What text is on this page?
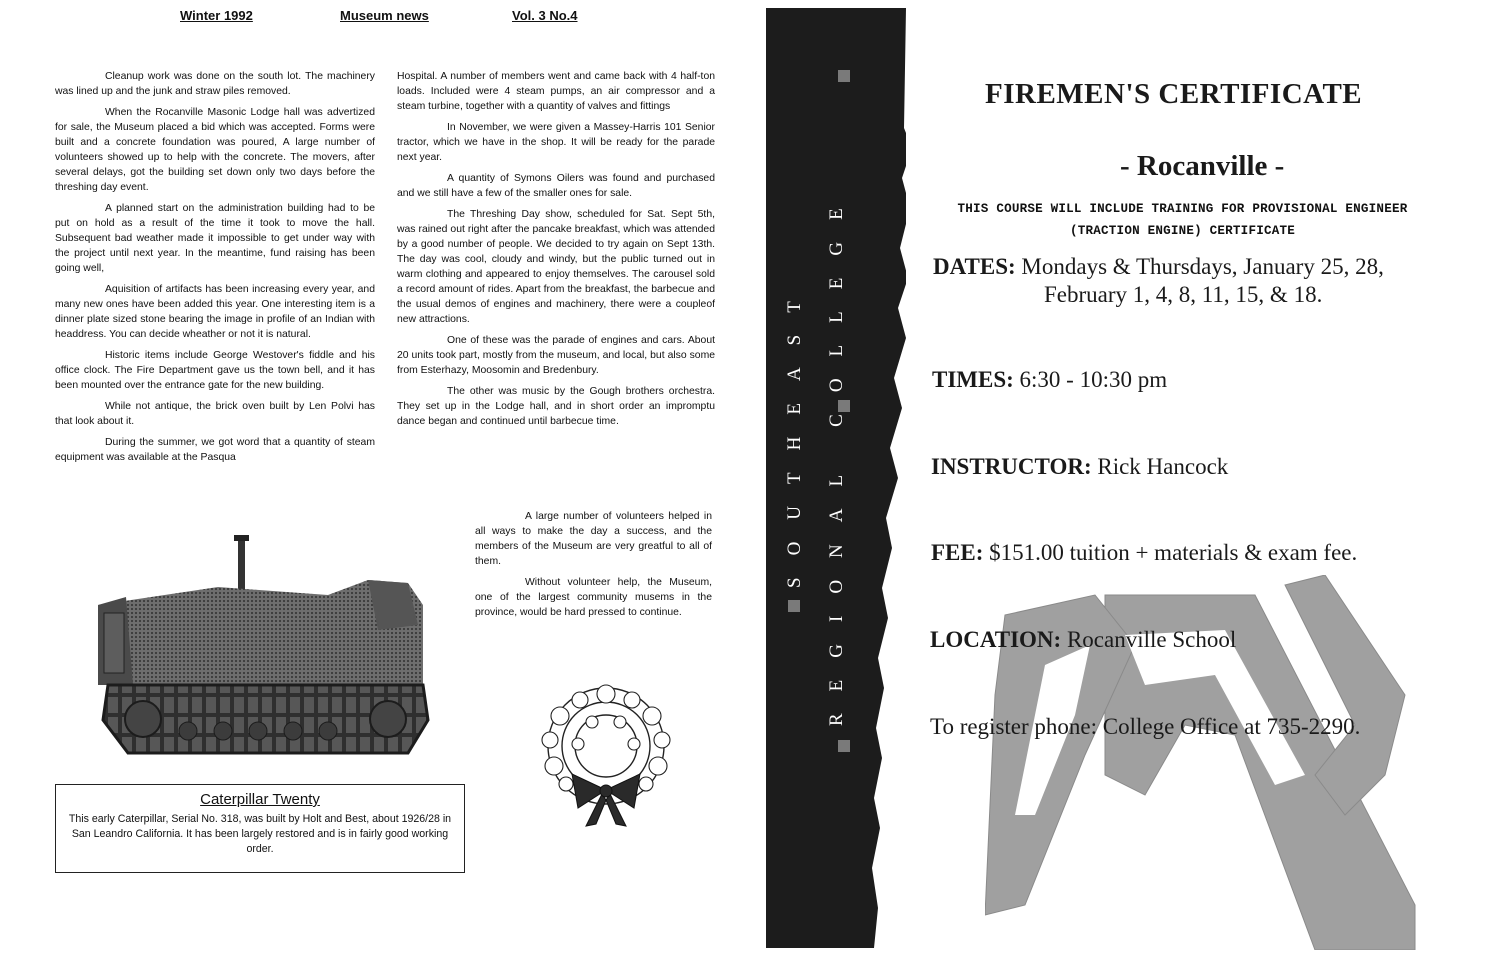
Winter 1992	Museum news	Vol. 3 No.4

Cleanup work was done on the south lot. The machinery was lined up and the junk and straw piles removed.

When the Rocanville Masonic Lodge hall was advertized for sale, the Museum placed a bid which was accepted. Forms were built and a concrete foundation was poured, A large number of volunteers showed up to help with the concrete. The movers, after several delays, got the building set down only two days before the threshing day event.

A planned start on the administration building had to be put on hold as a result of the time it took to move the hall. Subsequent bad weather made it impossible to get under way with the project until next year. In the meantime, fund raising has been going well,

Aquisition of artifacts has been increasing every year, and many new ones have been added this year. One interesting item is a dinner plate sized stone bearing the image in profile of an Indian with headdress. You can decide wheather or not it is natural.

Historic items include George Westover's fiddle and his office clock. The Fire Department gave us the town bell, and it has been mounted over the entrance gate for the new building.

While not antique, the brick oven built by Len Polvi has that look about it.

During the summer, we got word that a quantity of steam equipment was available at the Pasqua

Hospital. A number of members went and came back with 4 half-ton loads. Included were 4 steam pumps, an air compressor and a steam turbine, together with a quantity of valves and fittings

In November, we were given a Massey-Harris 101 Senior tractor, which we have in the shop. It will be ready for the parade next year.

A quantity of Symons Oilers was found and purchased and we still have a few of the smaller ones for sale.

The Threshing Day show, scheduled for Sat. Sept 5th, was rained out right after the pancake breakfast, which was attended by a good number of people. We decided to try again on Sept 13th. The day was cool, cloudy and windy, but the public turned out in warm clothing and appeared to enjoy themselves. The carousel sold a record amount of rides. Apart from the breakfast, the barbecue and the usual demos of engines and machinery, there were a coupleof new attractions.

One of these was the parade of engines and cars. About 20 units took part, mostly from the museum, and local, but also some from Esterhazy, Moosomin and Bredenbury.

The other was music by the Gough brothers orchestra. They set up in the Lodge hall, and in short order an impromptu dance began and continued until barbecue time.

A large number of volunteers helped in all ways to make the day a success, and the members of the Museum are very greatful to all of them.

Without volunteer help, the Museum, one of the largest community musems in the province, would be hard pressed to continue.

Caterpillar Twenty
This early Caterpillar, Serial No. 318, was built by Holt and Best, about 1926/28 in San Leandro California. It has been largely restored and is in fairly good working order.
SOUTHEAST REGIONAL COLLEGE
FIREMEN'S CERTIFICATE
- Rocanville -
THIS COURSE WILL INCLUDE TRAINING FOR PROVISIONAL ENGINEER
(TRACTION ENGINE) CERTIFICATE
DATES: Mondays & Thursdays, January 25, 28,
February 1, 4, 8, 11, 15, & 18.
TIMES: 6:30 - 10:30 pm
INSTRUCTOR: Rick Hancock
FEE: $151.00 tuition + materials & exam fee.
LOCATION: Rocanville School
To register phone: College Office at 735-2290.
